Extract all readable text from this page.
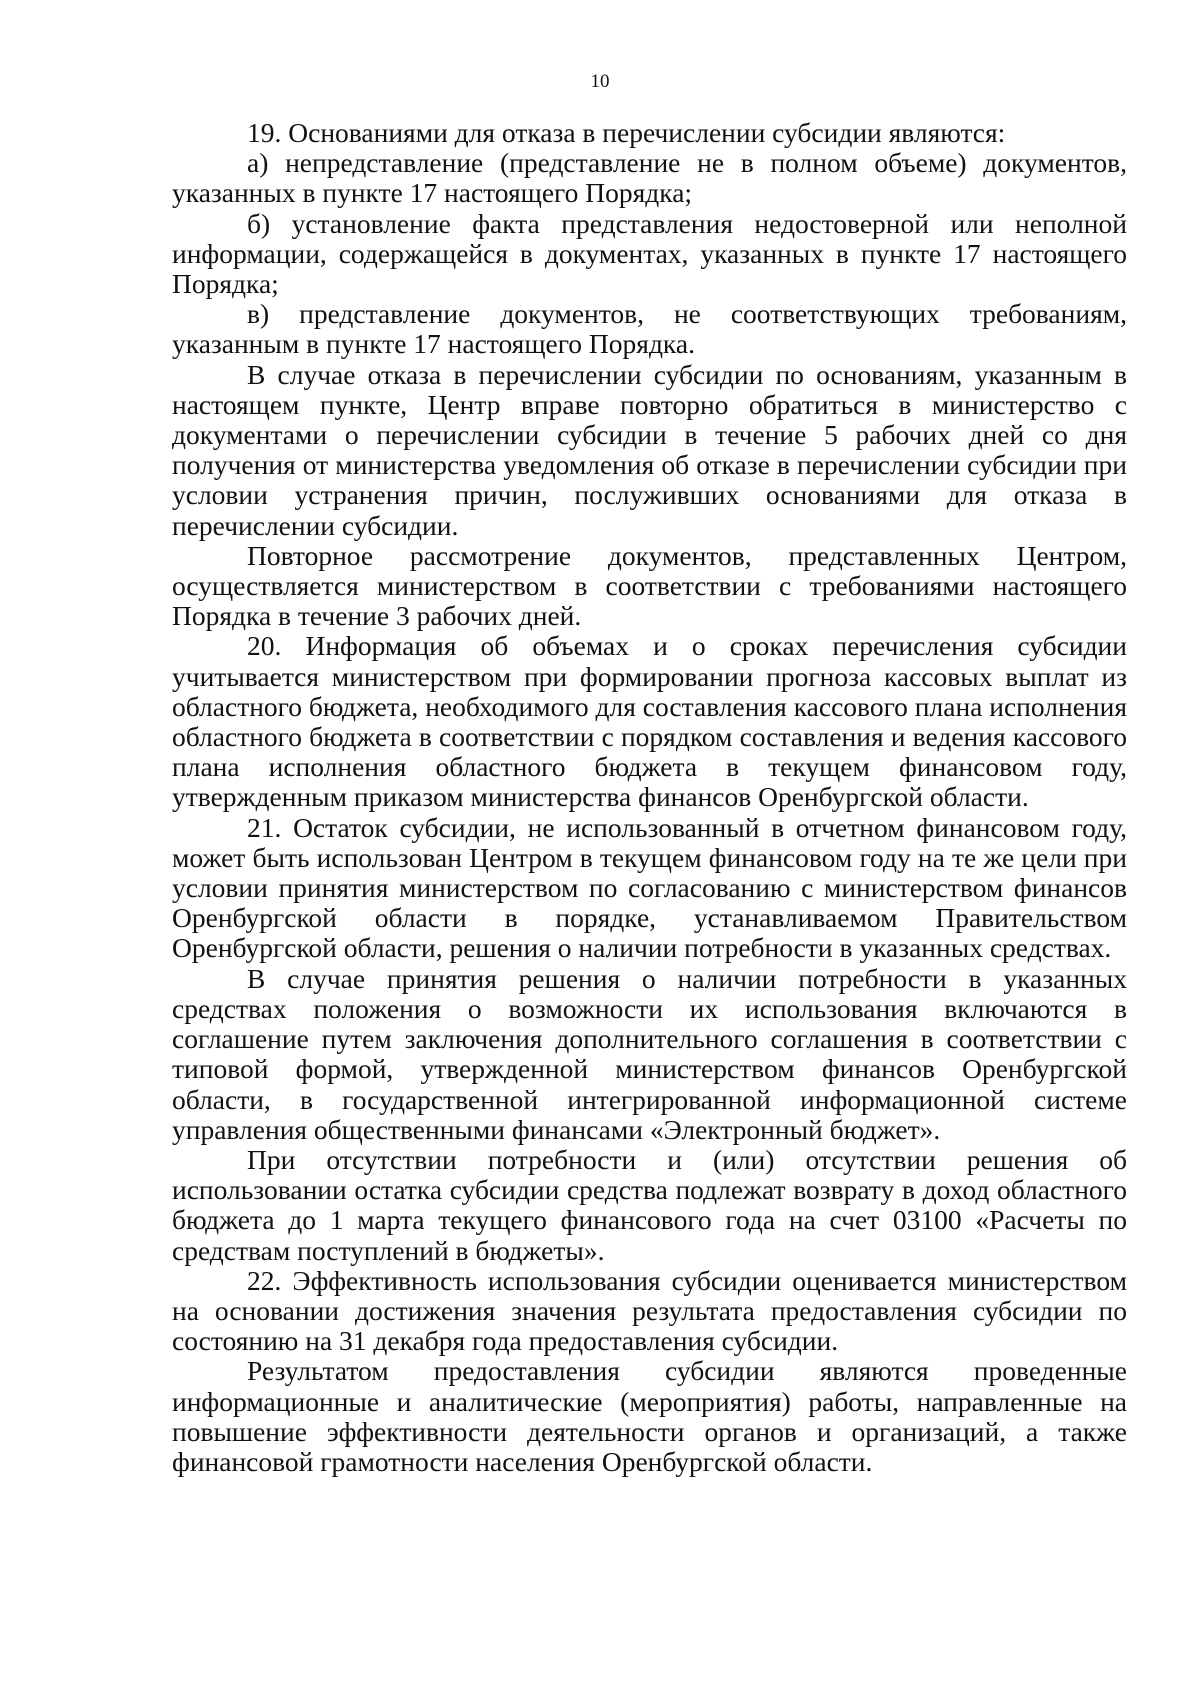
10

19. Основаниями для отказа в перечислении субсидии являются:

а) непредставление (представление не в полном объеме) документов, указанных в пункте 17 настоящего Порядка;

б) установление факта представления недостоверной или неполной информации, содержащейся в документах, указанных в пункте 17 настоящего Порядка;

в) представление документов, не соответствующих требованиям, указанным в пункте 17 настоящего Порядка.

В случае отказа в перечислении субсидии по основаниям, указанным в настоящем пункте, Центр вправе повторно обратиться в министерство с документами о перечислении субсидии в течение 5 рабочих дней со дня получения от министерства уведомления об отказе в перечислении субсидии при условии устранения причин, послуживших основаниями для отказа в перечислении субсидии.

Повторное рассмотрение документов, представленных Центром, осуществляется министерством в соответствии с требованиями настоящего Порядка в течение 3 рабочих дней.

20. Информация об объемах и о сроках перечисления субсидии учитывается министерством при формировании прогноза кассовых выплат из областного бюджета, необходимого для составления кассового плана исполнения областного бюджета в соответствии с порядком составления и ведения кассового плана исполнения областного бюджета в текущем финансовом году, утвержденным приказом министерства финансов Оренбургской области.

21. Остаток субсидии, не использованный в отчетном финансовом году, может быть использован Центром в текущем финансовом году на те же цели при условии принятия министерством по согласованию с министерством финансов Оренбургской области в порядке, устанавливаемом Правительством Оренбургской области, решения о наличии потребности в указанных средствах.

В случае принятия решения о наличии потребности в указанных средствах положения о возможности их использования включаются в соглашение путем заключения дополнительного соглашения в соответствии с типовой формой, утвержденной министерством финансов Оренбургской области, в государственной интегрированной информационной системе управления общественными финансами «Электронный бюджет».

При отсутствии потребности и (или) отсутствии решения об использовании остатка субсидии средства подлежат возврату в доход областного бюджета до 1 марта текущего финансового года на счет 03100 «Расчеты по средствам поступлений в бюджеты».

22. Эффективность использования субсидии оценивается министерством на основании достижения значения результата предоставления субсидии по состоянию на 31 декабря года предоставления субсидии.

Результатом предоставления субсидии являются проведенные информационные и аналитические (мероприятия) работы, направленные на повышение эффективности деятельности органов и организаций, а также финансовой грамотности населения Оренбургской области.
